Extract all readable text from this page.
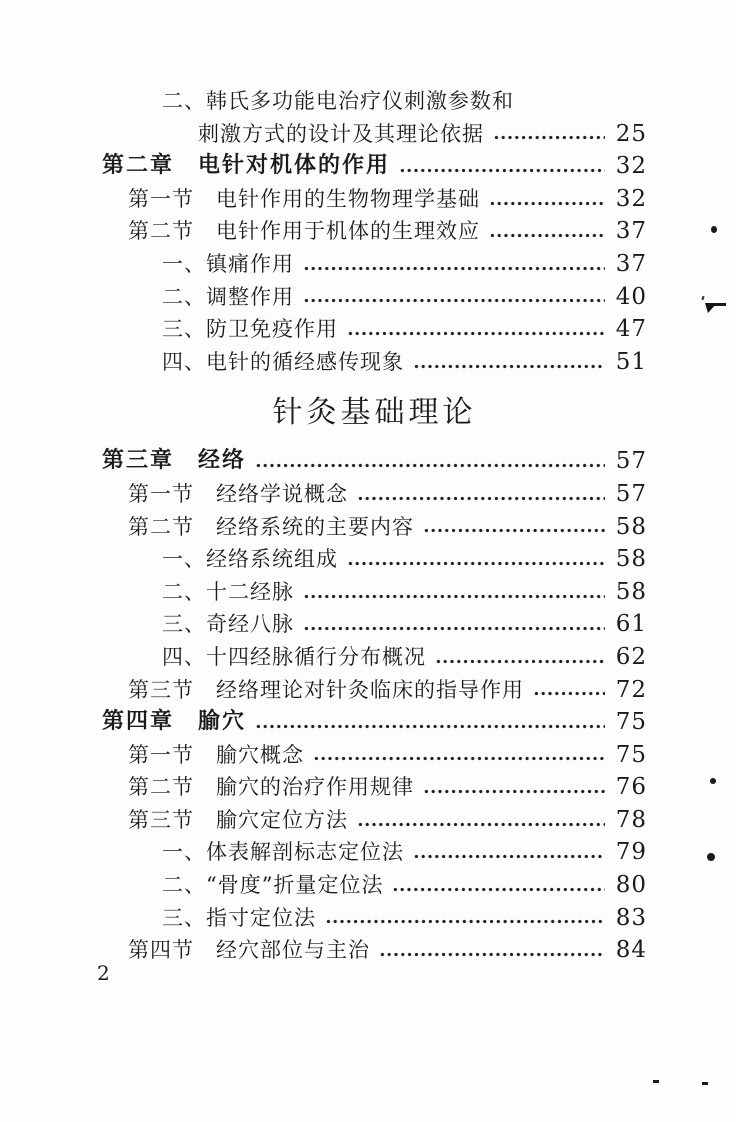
二、韩氏多功能电治疗仪刺激参数和
刺激方式的设计及其理论依据	25
第二章　电针对机体的作用	32
第一节　电针作用的生物物理学基础	32
第二节　电针作用于机体的生理效应	37
一、镇痛作用	37
二、调整作用	40
三、防卫免疫作用	47
四、电针的循经感传现象	51
针灸基础理论
第三章　经络	57
第一节　经络学说概念	57
第二节　经络系统的主要内容	58
一、经络系统组成	58
二、十二经脉	58
三、奇经八脉	61
四、十四经脉循行分布概况	62
第三节　经络理论对针灸临床的指导作用	72
第四章　腧穴	75
第一节　腧穴概念	75
第二节　腧穴的治疗作用规律	76
第三节　腧穴定位方法	78
一、体表解剖标志定位法	79
二、“骨度”折量定位法	80
三、指寸定位法	83
第四节　经穴部位与主治	84
2
